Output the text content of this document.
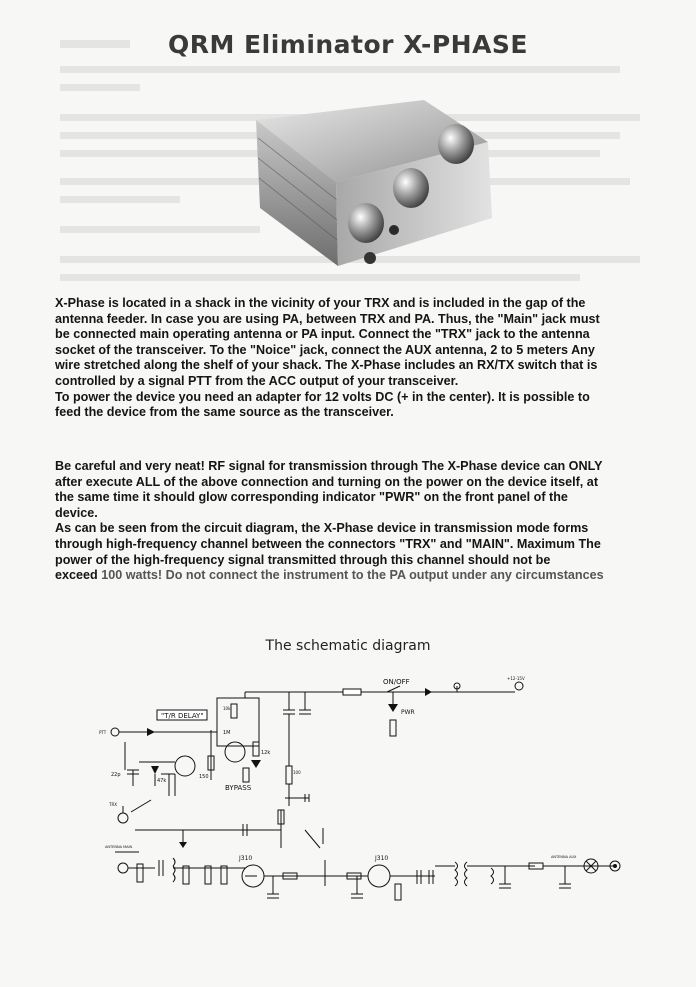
QRM Eliminator X-PHASE

X-Phase is located in a shack in the vicinity of your TRX and is included in the gap of the

antenna feeder. In case you are using PA, between TRX and PA. Thus, the "Main" jack must

be connected main operating antenna or PA input. Connect the "TRX" jack to the antenna

socket of the transceiver. To the "Noice" jack, connect the AUX antenna, 2 to 5 meters Any

wire stretched along the shelf of your shack. The X-Phase includes an RX/TX switch that is

controlled by a signal PTT from the ACC output of your transceiver.

To power the device you need an adapter for 12 volts DC (+ in the center). It is possible to

feed the device from the same source as the transceiver.

Be careful and very neat! RF signal for transmission through The X-Phase device can ONLY

after execute ALL of the above connection and turning on the power on the device itself, at

the same time it should glow corresponding indicator "PWR" on the front panel of the

device.

As can be seen from the circuit diagram, the X-Phase device in transmission mode forms

through high-frequency channel between the connectors "TRX" and "MAIN". Maximum The

power of the high-frequency signal transmitted through this channel should not be

exceed 100 watts! Do not connect the instrument to the PA output under any circumstances

The schematic diagram
"T/R DELAY"
ON/OFF
PWR
BYPASS
J310	J310
PTT
+12-15V
22p
47k
150
12k
1M
10k
100
ANTENNA MAIN
ANTENNA AUX
TRX
